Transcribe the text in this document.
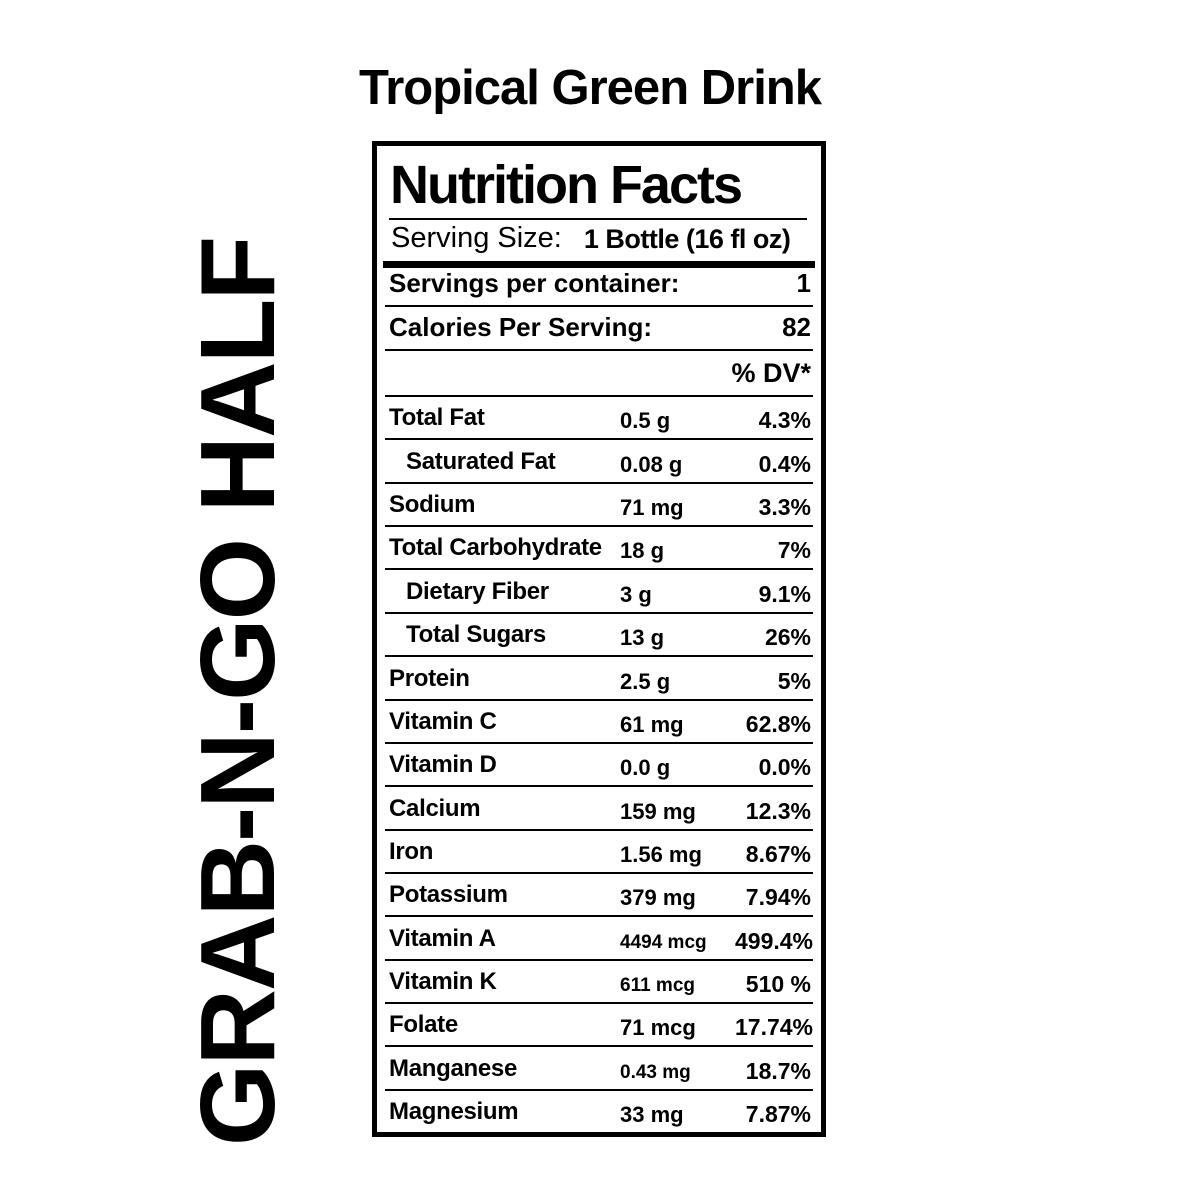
Tropical Green Drink
GRAB-N-GO HALF
Nutrition Facts
Serving Size: 1 Bottle (16 fl oz)
Servings per container:	1
Calories Per Serving:	82
% DV*
Total Fat	0.5 g	4.3%
Saturated Fat	0.08 g	0.4%
Sodium	71 mg	3.3%
Total Carbohydrate 18 g	7%
Dietary Fiber	3 g	9.1%
Total Sugars	13 g	26%
Protein	2.5 g	5%
Vitamin C	61 mg	62.8%
Vitamin D	0.0 g	0.0%
Calcium	159 mg	12.3%
Iron	1.56 mg	8.67%
Potassium	379 mg	7.94%
Vitamin A	4494 mcg	499.4%
Vitamin K	611 mcg	510 %
Folate	71 mcg	17.74%
Manganese	0.43 mg	18.7%
Magnesium	33 mg	7.87%
